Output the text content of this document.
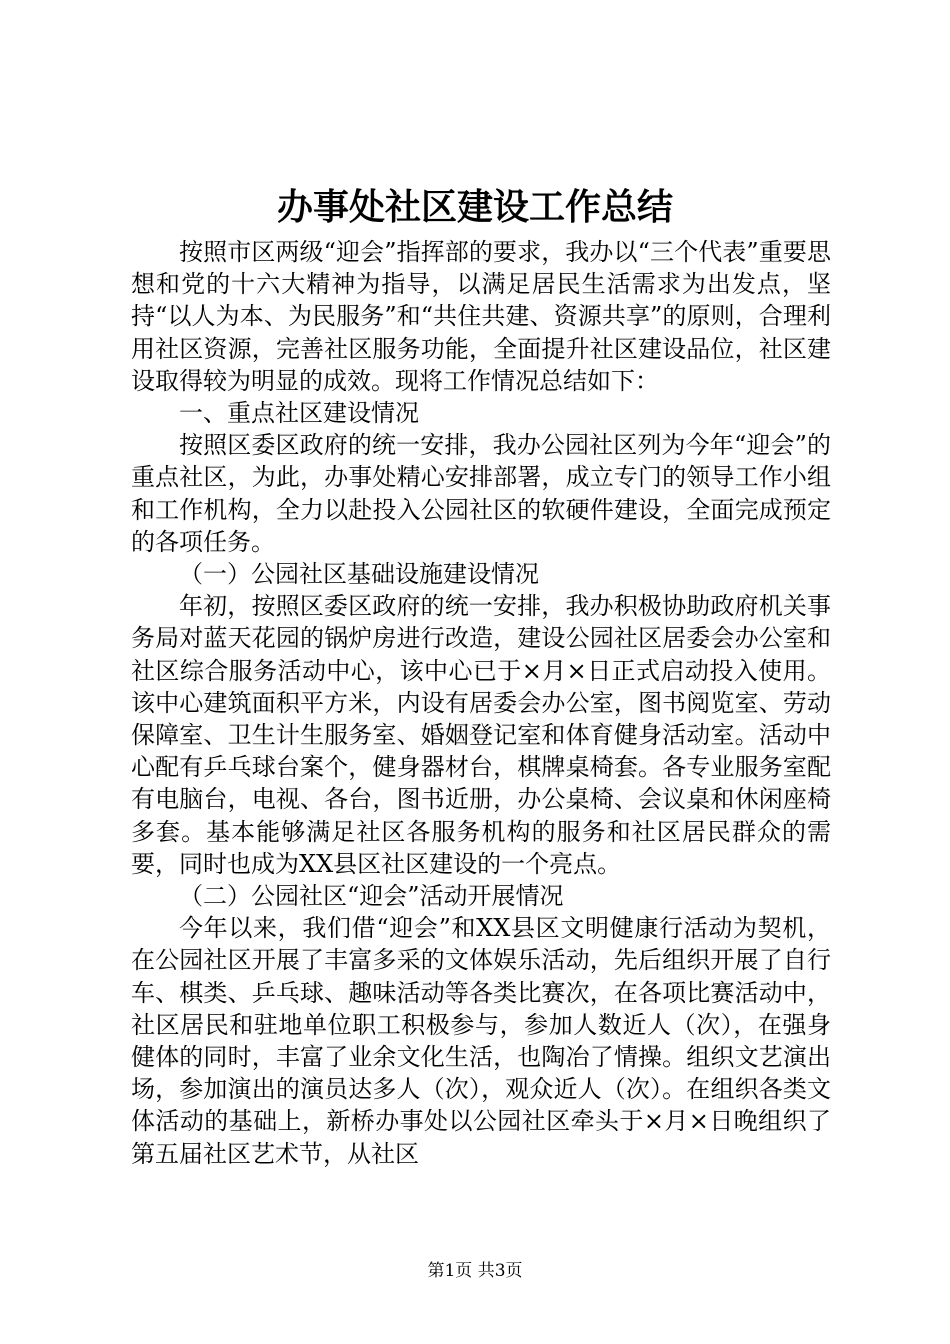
办事处社区建设工作总结

按照市区两级“迎会”指挥部的要求，我办以“三个代表”重要思想和党的十六大精神为指导，以满足居民生活需求为出发点，坚持“以人为本、为民服务”和“共住共建、资源共享”的原则，合理利用社区资源，完善社区服务功能，全面提升社区建设品位，社区建设取得较为明显的成效。现将工作情况总结如下：

一、重点社区建设情况

按照区委区政府的统一安排，我办公园社区列为今年“迎会”的重点社区，为此，办事处精心安排部署，成立专门的领导工作小组和工作机构，全力以赴投入公园社区的软硬件建设，全面完成预定的各项任务。

（一）公园社区基础设施建设情况

年初，按照区委区政府的统一安排，我办积极协助政府机关事务局对蓝天花园的锅炉房进行改造，建设公园社区居委会办公室和社区综合服务活动中心，该中心已于×月×日正式启动投入使用。该中心建筑面积平方米，内设有居委会办公室，图书阅览室、劳动保障室、卫生计生服务室、婚姻登记室和体育健身活动室。活动中心配有乒乓球台案个，健身器材台，棋牌桌椅套。各专业服务室配有电脑台，电视、各台，图书近册，办公桌椅、会议桌和休闲座椅多套。基本能够满足社区各服务机构的服务和社区居民群众的需要，同时也成为XX县区社区建设的一个亮点。

（二）公园社区“迎会”活动开展情况

今年以来，我们借“迎会”和XX县区文明健康行活动为契机，在公园社区开展了丰富多采的文体娱乐活动，先后组织开展了自行车、棋类、乒乓球、趣味活动等各类比赛次，在各项比赛活动中，社区居民和驻地单位职工积极参与，参加人数近人（次），在强身健体的同时，丰富了业余文化生活，也陶冶了情操。组织文艺演出场，参加演出的演员达多人（次），观众近人（次）。在组织各类文体活动的基础上，新桥办事处以公园社区牵头于×月×日晚组织了第五届社区艺术节，从社区

第1页 共3页
